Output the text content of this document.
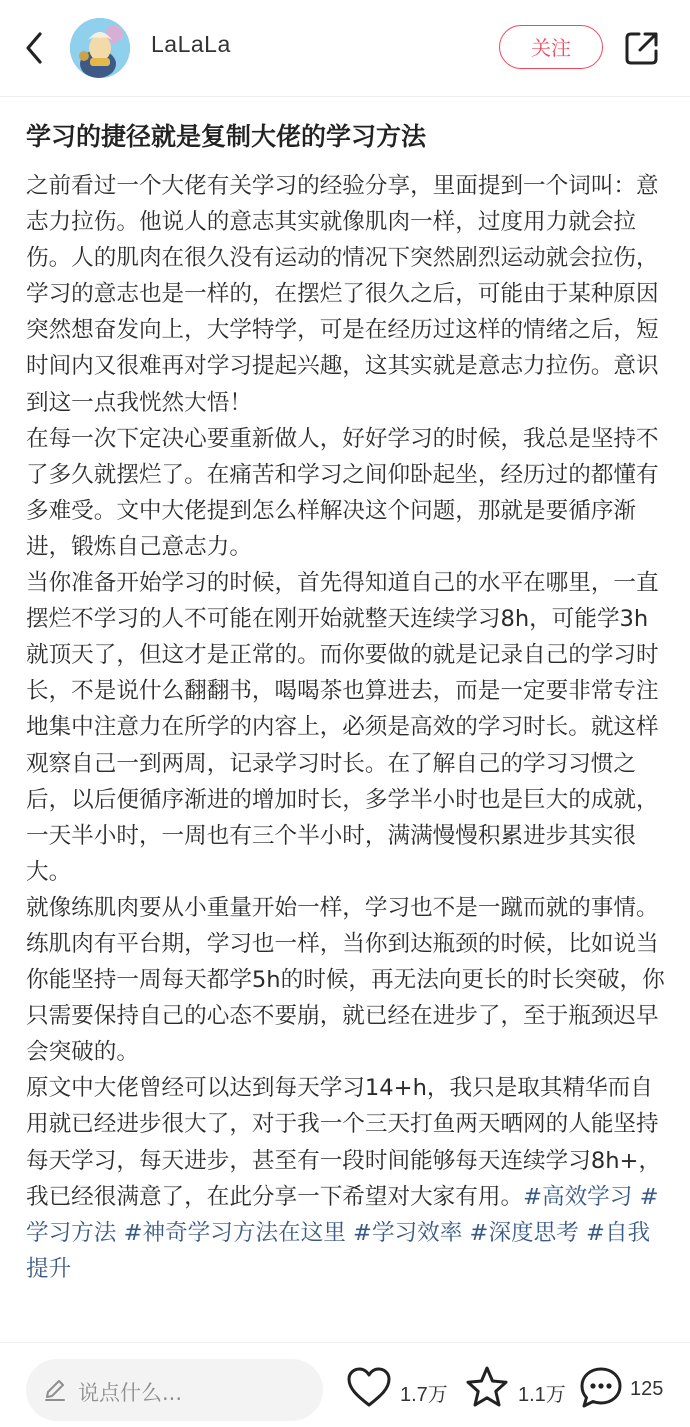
LaLaLa	关注
学习的捷径就是复制大佬的学习方法

之前看过一个大佬有关学习的经验分享，里面提到一个词叫：意志力拉伤。他说人的意志其实就像肌肉一样，过度用力就会拉伤。人的肌肉在很久没有运动的情况下突然剧烈运动就会拉伤，学习的意志也是一样的，在摆烂了很久之后，可能由于某种原因突然想奋发向上，大学特学，可是在经历过这样的情绪之后，短时间内又很难再对学习提起兴趣，这其实就是意志力拉伤。意识到这一点我恍然大悟！

在每一次下定决心要重新做人，好好学习的时候，我总是坚持不了多久就摆烂了。在痛苦和学习之间仰卧起坐，经历过的都懂有多难受。文中大佬提到怎么样解决这个问题，那就是要循序渐进，锻炼自己意志力。

当你准备开始学习的时候，首先得知道自己的水平在哪里，一直摆烂不学习的人不可能在刚开始就整天连续学习8h，可能学3h就顶天了，但这才是正常的。而你要做的就是记录自己的学习时长，不是说什么翻翻书，喝喝茶也算进去，而是一定要非常专注地集中注意力在所学的内容上，必须是高效的学习时长。就这样观察自己一到两周，记录学习时长。在了解自己的学习习惯之后，以后便循序渐进的增加时长，多学半小时也是巨大的成就，一天半小时，一周也有三个半小时，满满慢慢积累进步其实很大。

就像练肌肉要从小重量开始一样，学习也不是一蹴而就的事情。练肌肉有平台期，学习也一样，当你到达瓶颈的时候，比如说当你能坚持一周每天都学5h的时候，再无法向更长的时长突破，你只需要保持自己的心态不要崩，就已经在进步了，至于瓶颈迟早会突破的。

原文中大佬曾经可以达到每天学习14+h，我只是取其精华而自用就已经进步很大了，对于我一个三天打鱼两天晒网的人能坚持每天学习，每天进步，甚至有一段时间能够每天连续学习8h+，我已经很满意了，在此分享一下希望对大家有用。#高效学习 #学习方法 #神奇学习方法在这里 #学习效率 #深度思考 #自我提升

说点什么...	1.7万	1.1万	125
